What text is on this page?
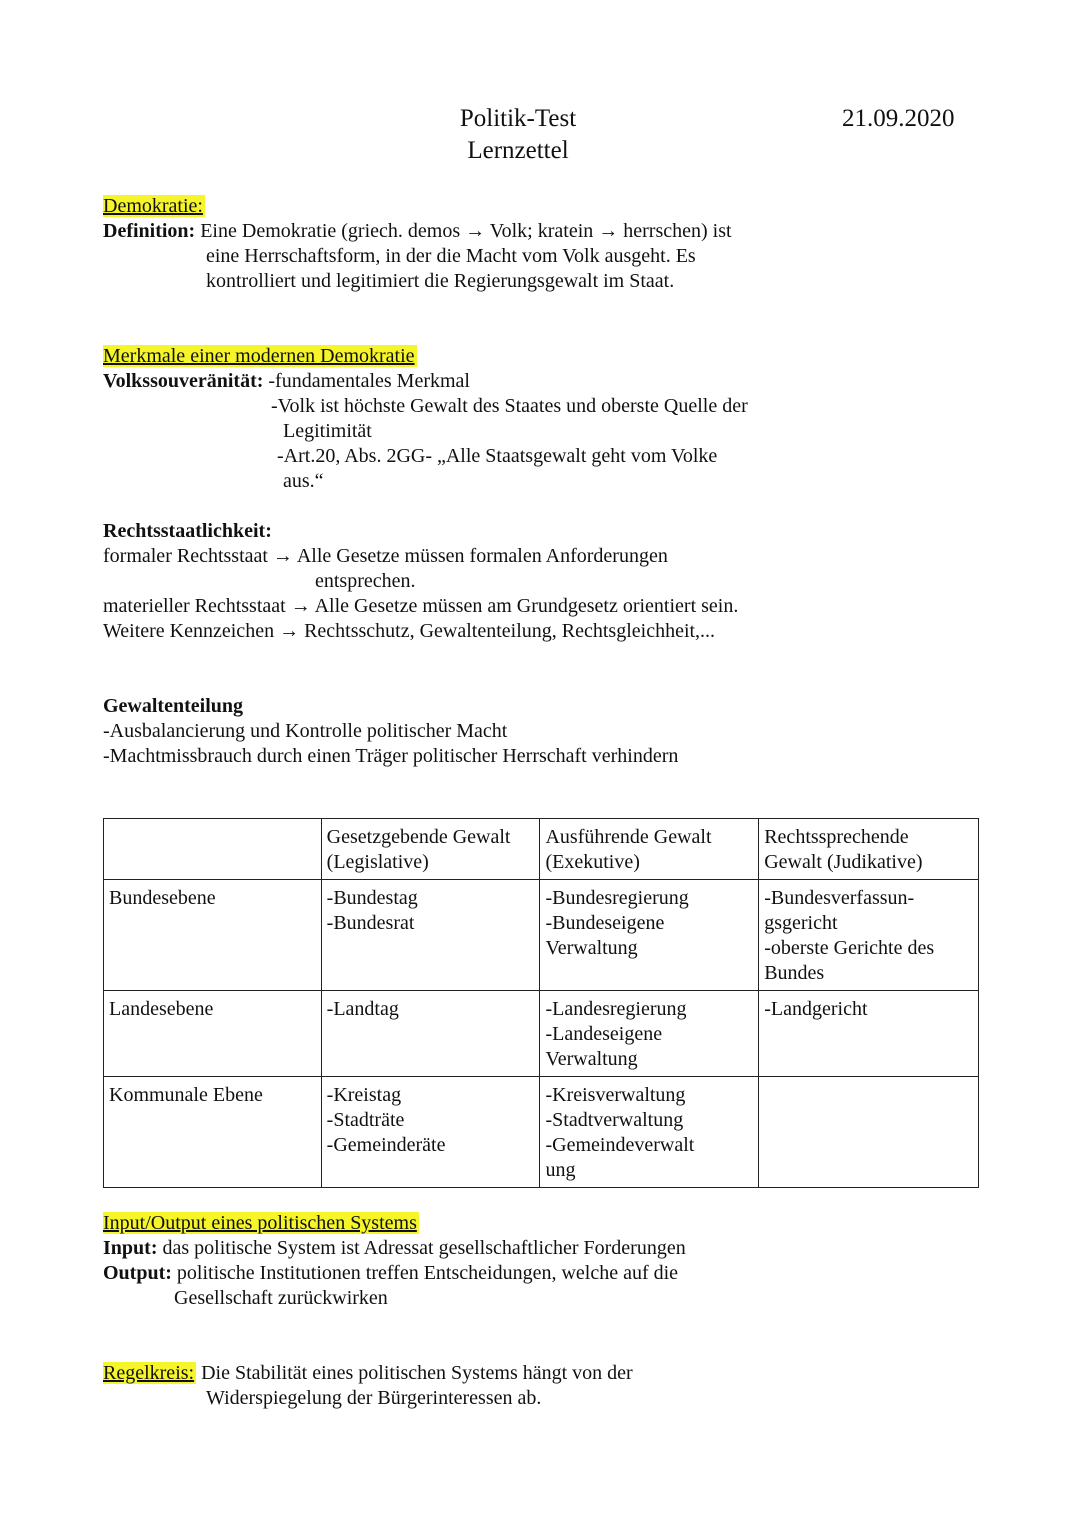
Politik-Test
Lernzettel
21.09.2020
Demokratie:
Definition: Eine Demokratie (griech. demos → Volk; kratein → herrschen) ist
eine Herrschaftsform, in der die Macht vom Volk ausgeht. Es
kontrolliert und legitimiert die Regierungsgewalt im Staat.
Merkmale einer modernen Demokratie
Volkssouveränität: -fundamentales Merkmal
-Volk ist höchste Gewalt des Staates und oberste Quelle der
Legitimität
-Art.20, Abs. 2GG- „Alle Staatsgewalt geht vom Volke
aus.“
Rechtsstaatlichkeit:
formaler Rechtsstaat → Alle Gesetze müssen formalen Anforderungen
entsprechen.
materieller Rechtsstaat → Alle Gesetze müssen am Grundgesetz orientiert sein.
Weitere Kennzeichen → Rechtsschutz, Gewaltenteilung, Rechtsgleichheit,...
Gewaltenteilung
-Ausbalancierung und Kontrolle politischer Macht
-Machtmissbrauch durch einen Träger politischer Herrschaft verhindern

	Gesetzgebende Gewalt
(Legislative)	Ausführende Gewalt
(Exekutive)	Rechtssprechende
Gewalt (Judikative)

Bundesebene	-Bundestag
-Bundesrat	-Bundesregierung
-Bundeseigene
Verwaltung	-Bundesverfassun-
gsgericht
-oberste Gerichte des
Bundes

Landesebene	-Landtag	-Landesregierung
-Landeseigene
Verwaltung	-Landgericht

Kommunale Ebene	-Kreistag
-Stadträte
-Gemeinderäte	-Kreisverwaltung
-Stadtverwaltung
-Gemeindeverwalt
ung	

Input/Output eines politischen Systems
Input: das politische System ist Adressat gesellschaftlicher Forderungen
Output: politische Institutionen treffen Entscheidungen, welche auf die
Gesellschaft zurückwirken
Regelkreis: Die Stabilität eines politischen Systems hängt von der
Widerspiegelung der Bürgerinteressen ab.
